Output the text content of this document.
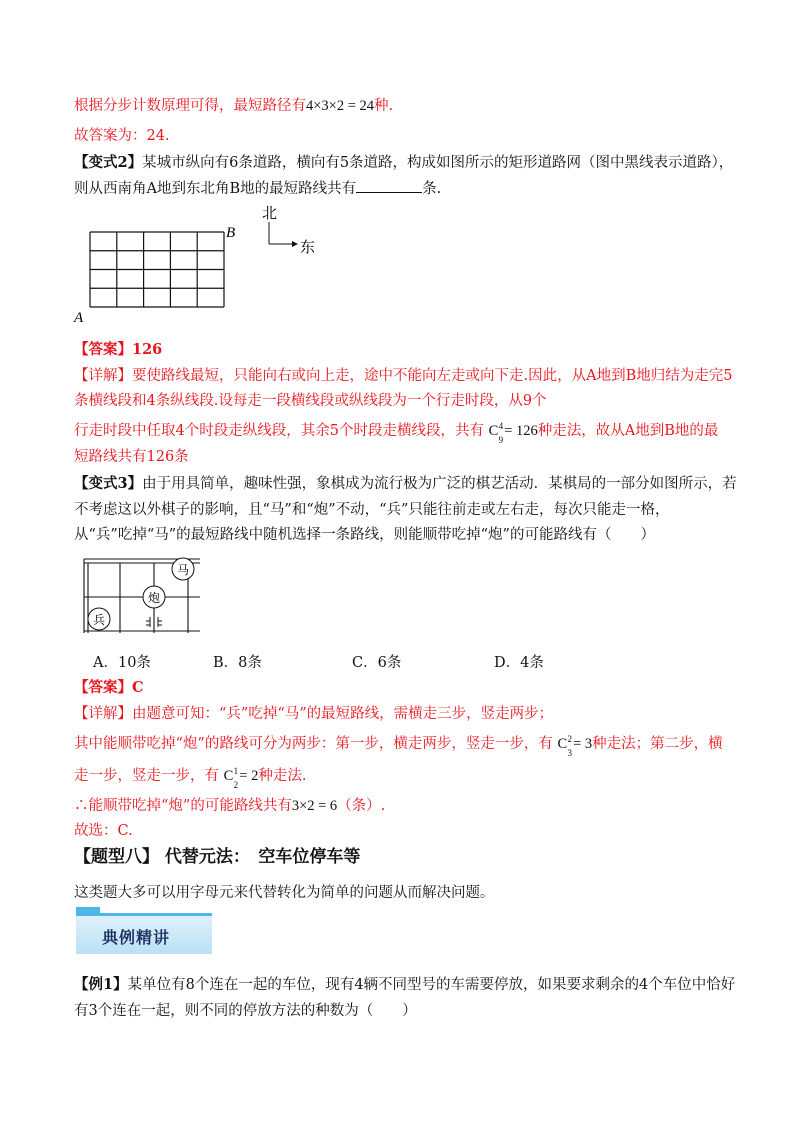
根据分步计数原理可得，最短路径有4×3×2 = 24种.
故答案为：24.
【变式2】某城市纵向有6条道路，横向有5条道路，构成如图所示的矩形道路网（图中黑线表示道路），
则从西南角A地到东北角B地的最短路线共有	条.
A
B
北
东
【答案】126
【详解】要使路线最短，只能向右或向上走，途中不能向左走或向下走.因此，从A地到B地归结为走完5
条横线段和4条纵线段.设每走一段横线段或纵线段为一个行走时段，从9个
行走时段中任取4个时段走纵线段，其余5个时段走横线段，共有 C 4
9
= 126种走法，故从A地到B地的最
短路线共有126条
【变式3】由于用具简单，趣味性强，象棋成为流行极为广泛的棋艺活动．某棋局的一部分如图所示，若
不考虑这以外棋子的影响，且“马”和“炮”不动，“兵”只能往前走或左右走，每次只能走一格，
从“兵”吃掉“马”的最短路线中随机选择一条路线，则能顺带吃掉“炮”的可能路线有（　　）
马
炮
兵
A．10条	B．8条	C．6条	D．4条
【答案】C
【详解】由题意可知：“兵”吃掉“马”的最短路线，需横走三步，竖走两步；
其中能顺带吃掉“炮”的路线可分为两步：第一步，横走两步，竖走一步，有 C 2
3
= 3种走法；第二步，横
走一步，竖走一步，有 C 1
2
= 2种走法.
∴能顺带吃掉“炮”的可能路线共有3×2 = 6（条）.
故选：C.
【题型八】 代替元法：　空车位停车等
这类题大多可以用字母元来代替转化为简单的问题从而解决问题。
典例精讲
【例1】某单位有8个连在一起的车位，现有4辆不同型号的车需要停放，如果要求剩余的4个车位中恰好
有3个连在一起，则不同的停放方法的种数为（　　）
